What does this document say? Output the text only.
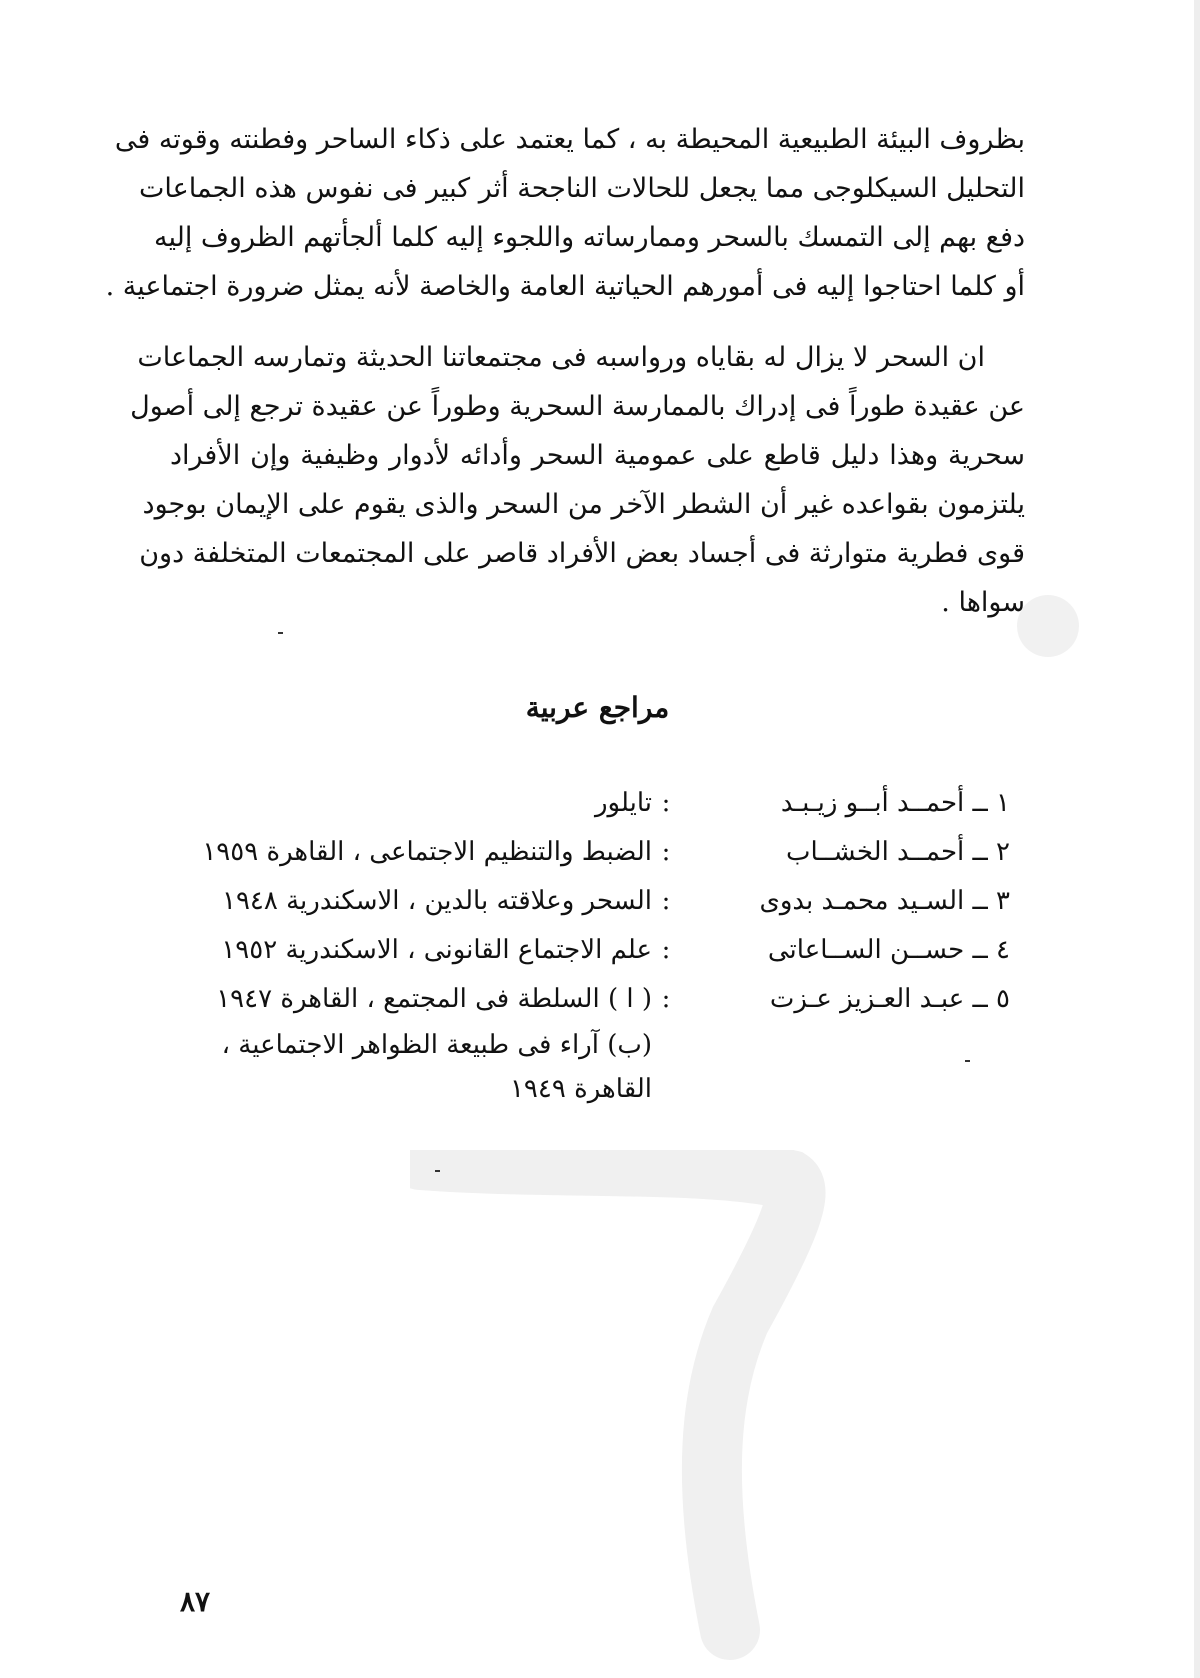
بظروف البيئة الطبيعية المحيطة به ، كما يعتمد على ذكاء الساحر وفطنته وقوته فى
التحليل السيكلوجى مما يجعل للحالات الناجحة أثر كبير فى نفوس هذه الجماعات
دفع بهم إلى التمسك بالسحر وممارساته واللجوء إليه كلما ألجأتهم الظروف إليه
أو كلما احتاجوا إليه فى أمورهم الحياتية العامة والخاصة لأنه يمثل ضرورة اجتماعية .

ان السحر لا يزال له بقاياه ورواسبه فى مجتمعاتنا الحديثة وتمارسه الجماعات
عن عقيدة طوراً فى إدراك بالممارسة السحرية وطوراً عن عقيدة ترجع إلى أصول
سحرية وهذا دليل قاطع على عمومية السحر وأدائه لأدوار وظيفية وإن الأفراد
يلتزمون بقواعده غير أن الشطر الآخر من السحر والذى يقوم على الإيمان بوجود
قوى فطرية متوارثة فى أجساد بعض الأفراد قاصر على المجتمعات المتخلفة دون
سواها .

مراجع عربية
١ ــ أحمــد أبــو زيـبـد
:
تايلور
٢ ــ أحمــد الخشــاب
:
الضبط والتنظيم الاجتماعى ، القاهرة ١٩٥٩
٣ ــ السـيد محمـد بدوى
:
السحر وعلاقته بالدين ، الاسكندرية ١٩٤٨
٤ ــ حســن الســاعاتى
:
علم الاجتماع القانونى ، الاسكندرية ١٩٥٢
٥ ــ عبـد العـزيز عـزت
:
( ا ) السلطة فى المجتمع ، القاهرة ١٩٤٧
(ب) آراء فى طبيعة الظواهر الاجتماعية ،
القاهرة ١٩٤٩
٨٧
